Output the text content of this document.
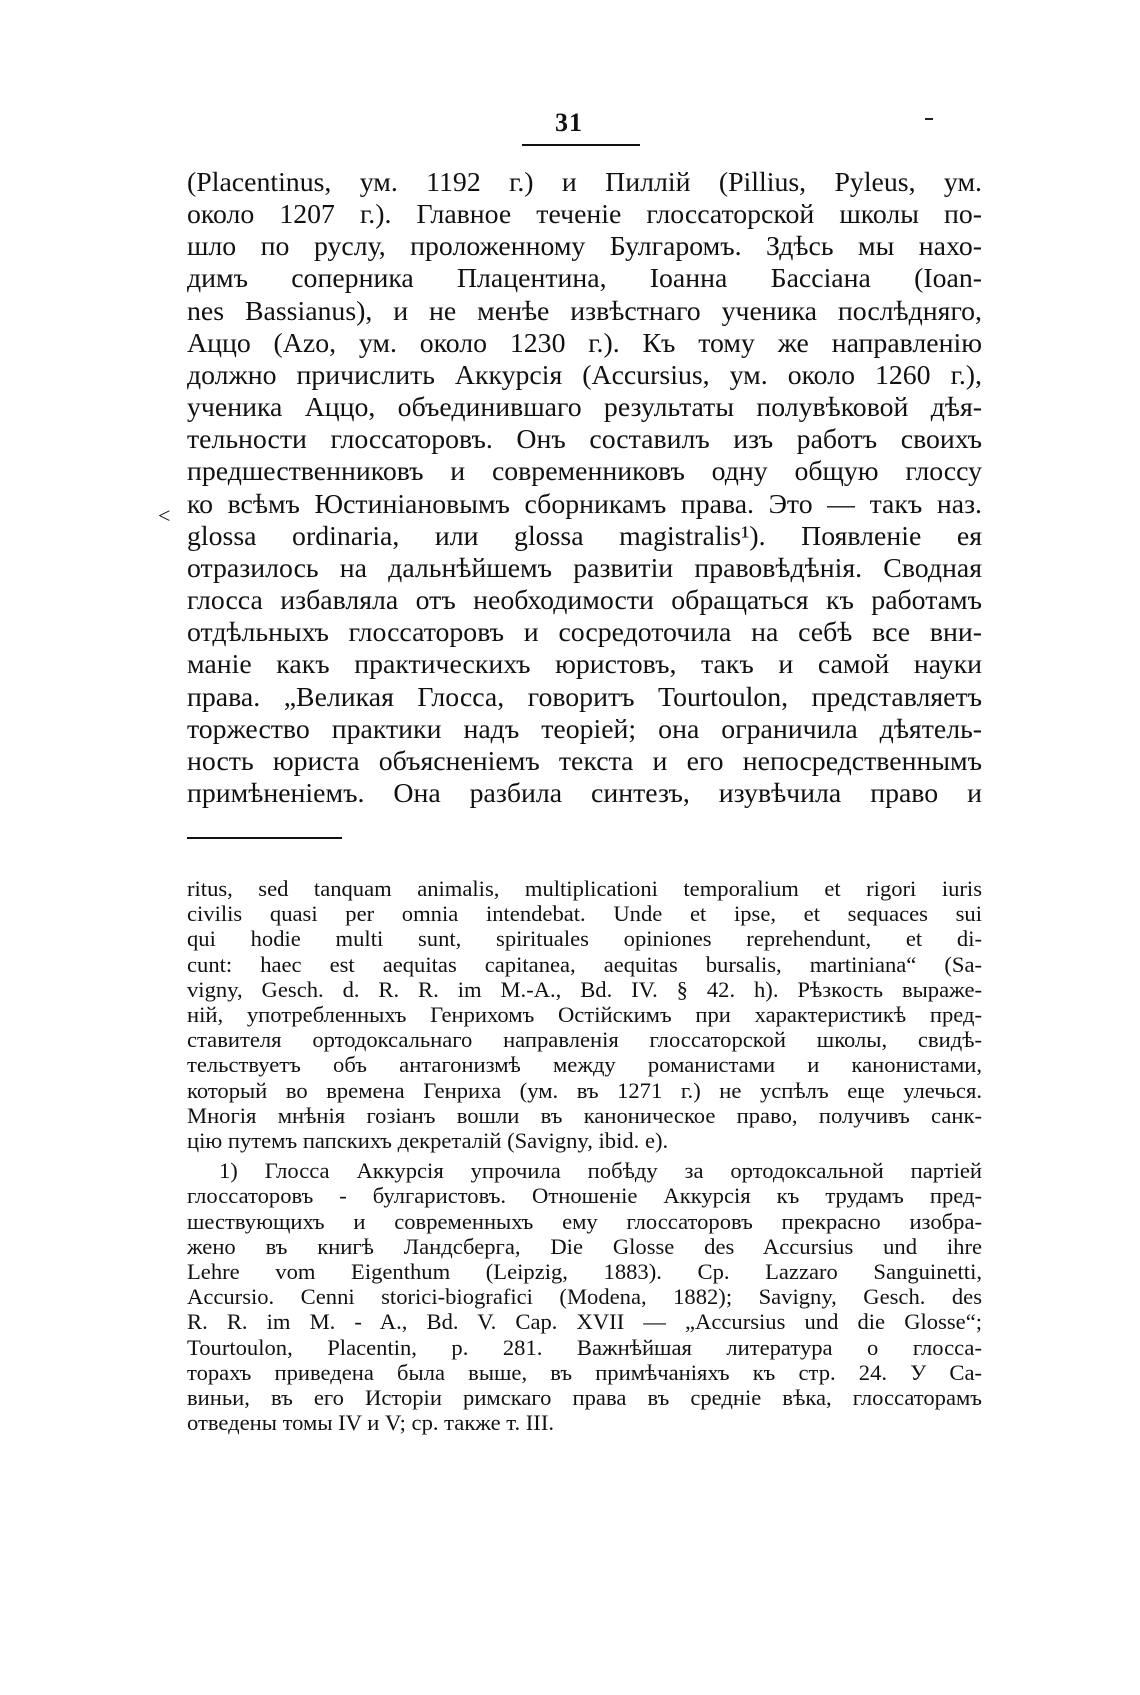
31
<
(Placentinus, ум. 1192 г.) и Пиллій (Pillius, Pyleus, ум.
около 1207 г.). Главное теченіе глоссаторской школы по-
шло по руслу, проложенному Булгаромъ. Здѣсь мы нахо-
димъ соперника Плацентина, Іоанна Бассіана (Ioan-
nes Bassianus), и не менѣе извѣстнаго ученика послѣдняго,
Аццо (Azo, ум. около 1230 г.). Къ тому же направленію
должно причислить Аккурсія (Accursius, ум. около 1260 г.),
ученика Аццо, объединившаго результаты полувѣковой дѣя-
тельности глоссаторовъ. Онъ составилъ изъ работъ своихъ
предшественниковъ и современниковъ одну общую глоссу
ко всѣмъ Юстиніановымъ сборникамъ права. Это — такъ наз.
glossa ordinaria, или glossa magistralis¹). Появленіе ея
отразилось на дальнѣйшемъ развитіи правовѣдѣнія. Сводная
глосса избавляла отъ необходимости обращаться къ работамъ
отдѣльныхъ глоссаторовъ и сосредоточила на себѣ все вни-
маніе какъ практическихъ юристовъ, такъ и самой науки
права. „Великая Глосса, говоритъ Tourtoulon, представляетъ
торжество практики надъ теоріей; она ограничила дѣятель-
ность юриста объясненіемъ текста и его непосредственнымъ
примѣненіемъ. Она разбила синтезъ, изувѣчила право и
ritus, sed tanquam animalis, multiplicationi temporalium et rigori iuris
civilis quasi per omnia intendebat. Unde et ipse, et sequaces sui
qui hodie multi sunt, spirituales opiniones reprehendunt, et di-
cunt: haec est aequitas capitanea, aequitas bursalis, martiniana“ (Sa-
vigny, Gesch. d. R. R. im M.-A., Bd. IV. § 42. h). Рѣзкость выраже-
ній, употребленныхъ Генрихомъ Остійскимъ при характеристикѣ пред-
ставителя ортодоксальнаго направленія глоссаторской школы, свидѣ-
тельствуетъ объ антагонизмѣ между романистами и канонистами,
который во времена Генриха (ум. въ 1271 г.) не успѣлъ еще улечься.
Многія мнѣнія гозіанъ вошли въ каноническое право, получивъ санк-
цію путемъ папскихъ декреталій (Savigny, ibid. e).
1) Глосса Аккурсія упрочила побѣду за ортодоксальной партіей
глоссаторовъ - булгаристовъ. Отношеніе Аккурсія къ трудамъ пред-
шествующихъ и современныхъ ему глоссаторовъ прекрасно изобра-
жено въ книгѣ Ландсберга, Die Glosse des Accursius und ihre
Lehre vom Eigenthum (Leipzig, 1883). Cp. Lazzaro Sanguinetti,
Accursio. Cenni storici-biografici (Modena, 1882); Savigny, Gesch. des
R. R. im M. - A., Bd. V. Cap. XVII — „Accursius und die Glosse“;
Tourtoulon, Placentin, p. 281. Важнѣйшая литература о глосса-
торахъ приведена была выше, въ примѣчаніяхъ къ стр. 24. У Са-
виньи, въ его Исторіи римскаго права въ средніе вѣка, глоссаторамъ
отведены томы IV и V; ср. также т. III.
